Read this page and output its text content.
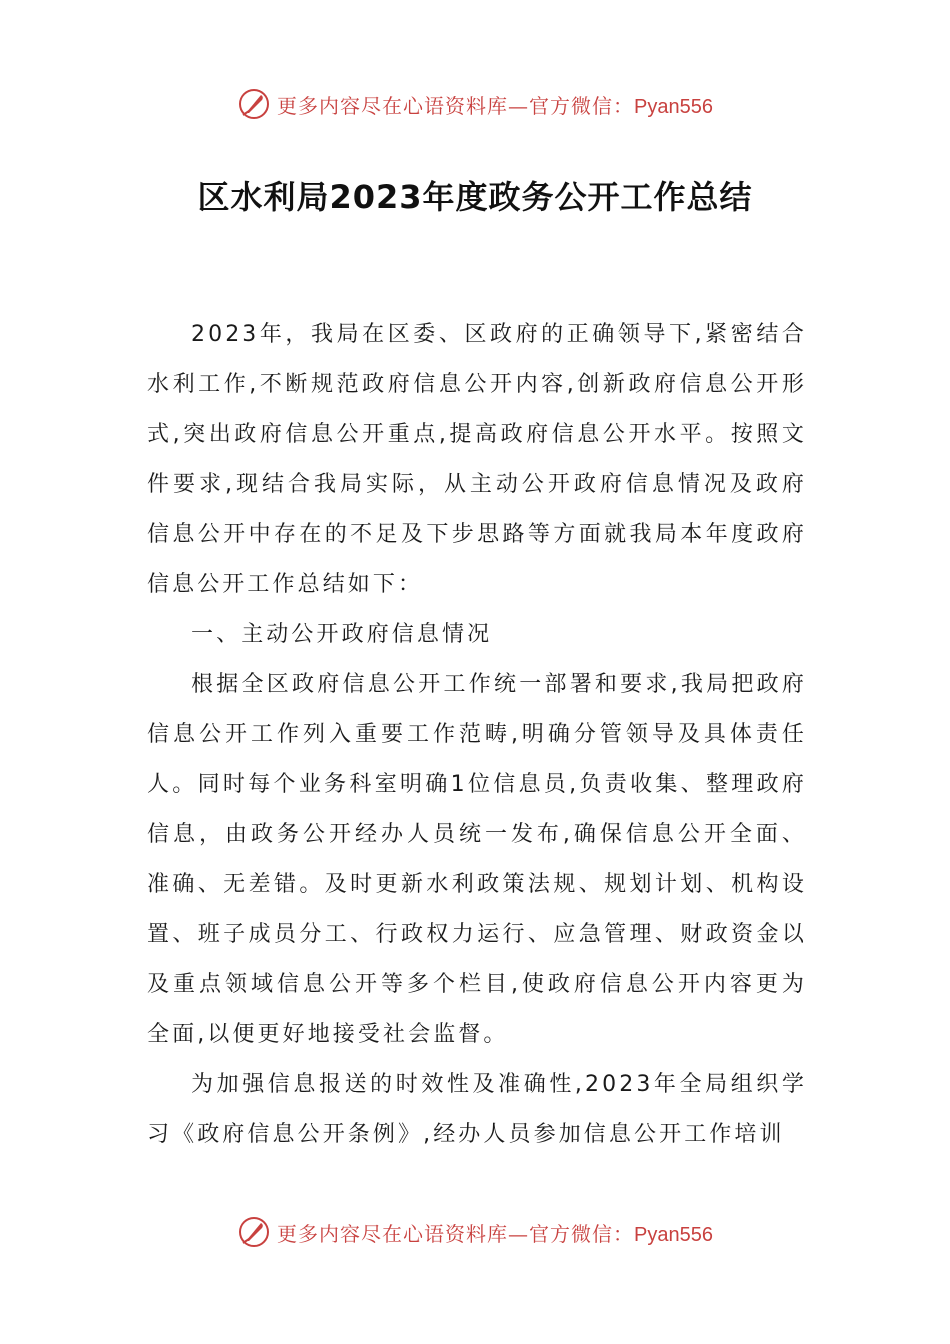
更多内容尽在心语资料库—官方微信：Pyan556
区水利局2023年度政务公开工作总结

2023年，我局在区委、区政府的正确领导下,紧密结合水利工作,不断规范政府信息公开内容,创新政府信息公开形式,突出政府信息公开重点,提高政府信息公开水平。按照文件要求,现结合我局实际，从主动公开政府信息情况及政府信息公开中存在的不足及下步思路等方面就我局本年度政府信息公开工作总结如下：

一、主动公开政府信息情况

根据全区政府信息公开工作统一部署和要求,我局把政府信息公开工作列入重要工作范畴,明确分管领导及具体责任人。同时每个业务科室明确1位信息员,负责收集、整理政府信息，由政务公开经办人员统一发布,确保信息公开全面、准确、无差错。及时更新水利政策法规、规划计划、机构设置、班子成员分工、行政权力运行、应急管理、财政资金以及重点领域信息公开等多个栏目,使政府信息公开内容更为全面,以便更好地接受社会监督。

为加强信息报送的时效性及准确性,2023年全局组织学习《政府信息公开条例》,经办人员参加信息公开工作培训

更多内容尽在心语资料库—官方微信：Pyan556
